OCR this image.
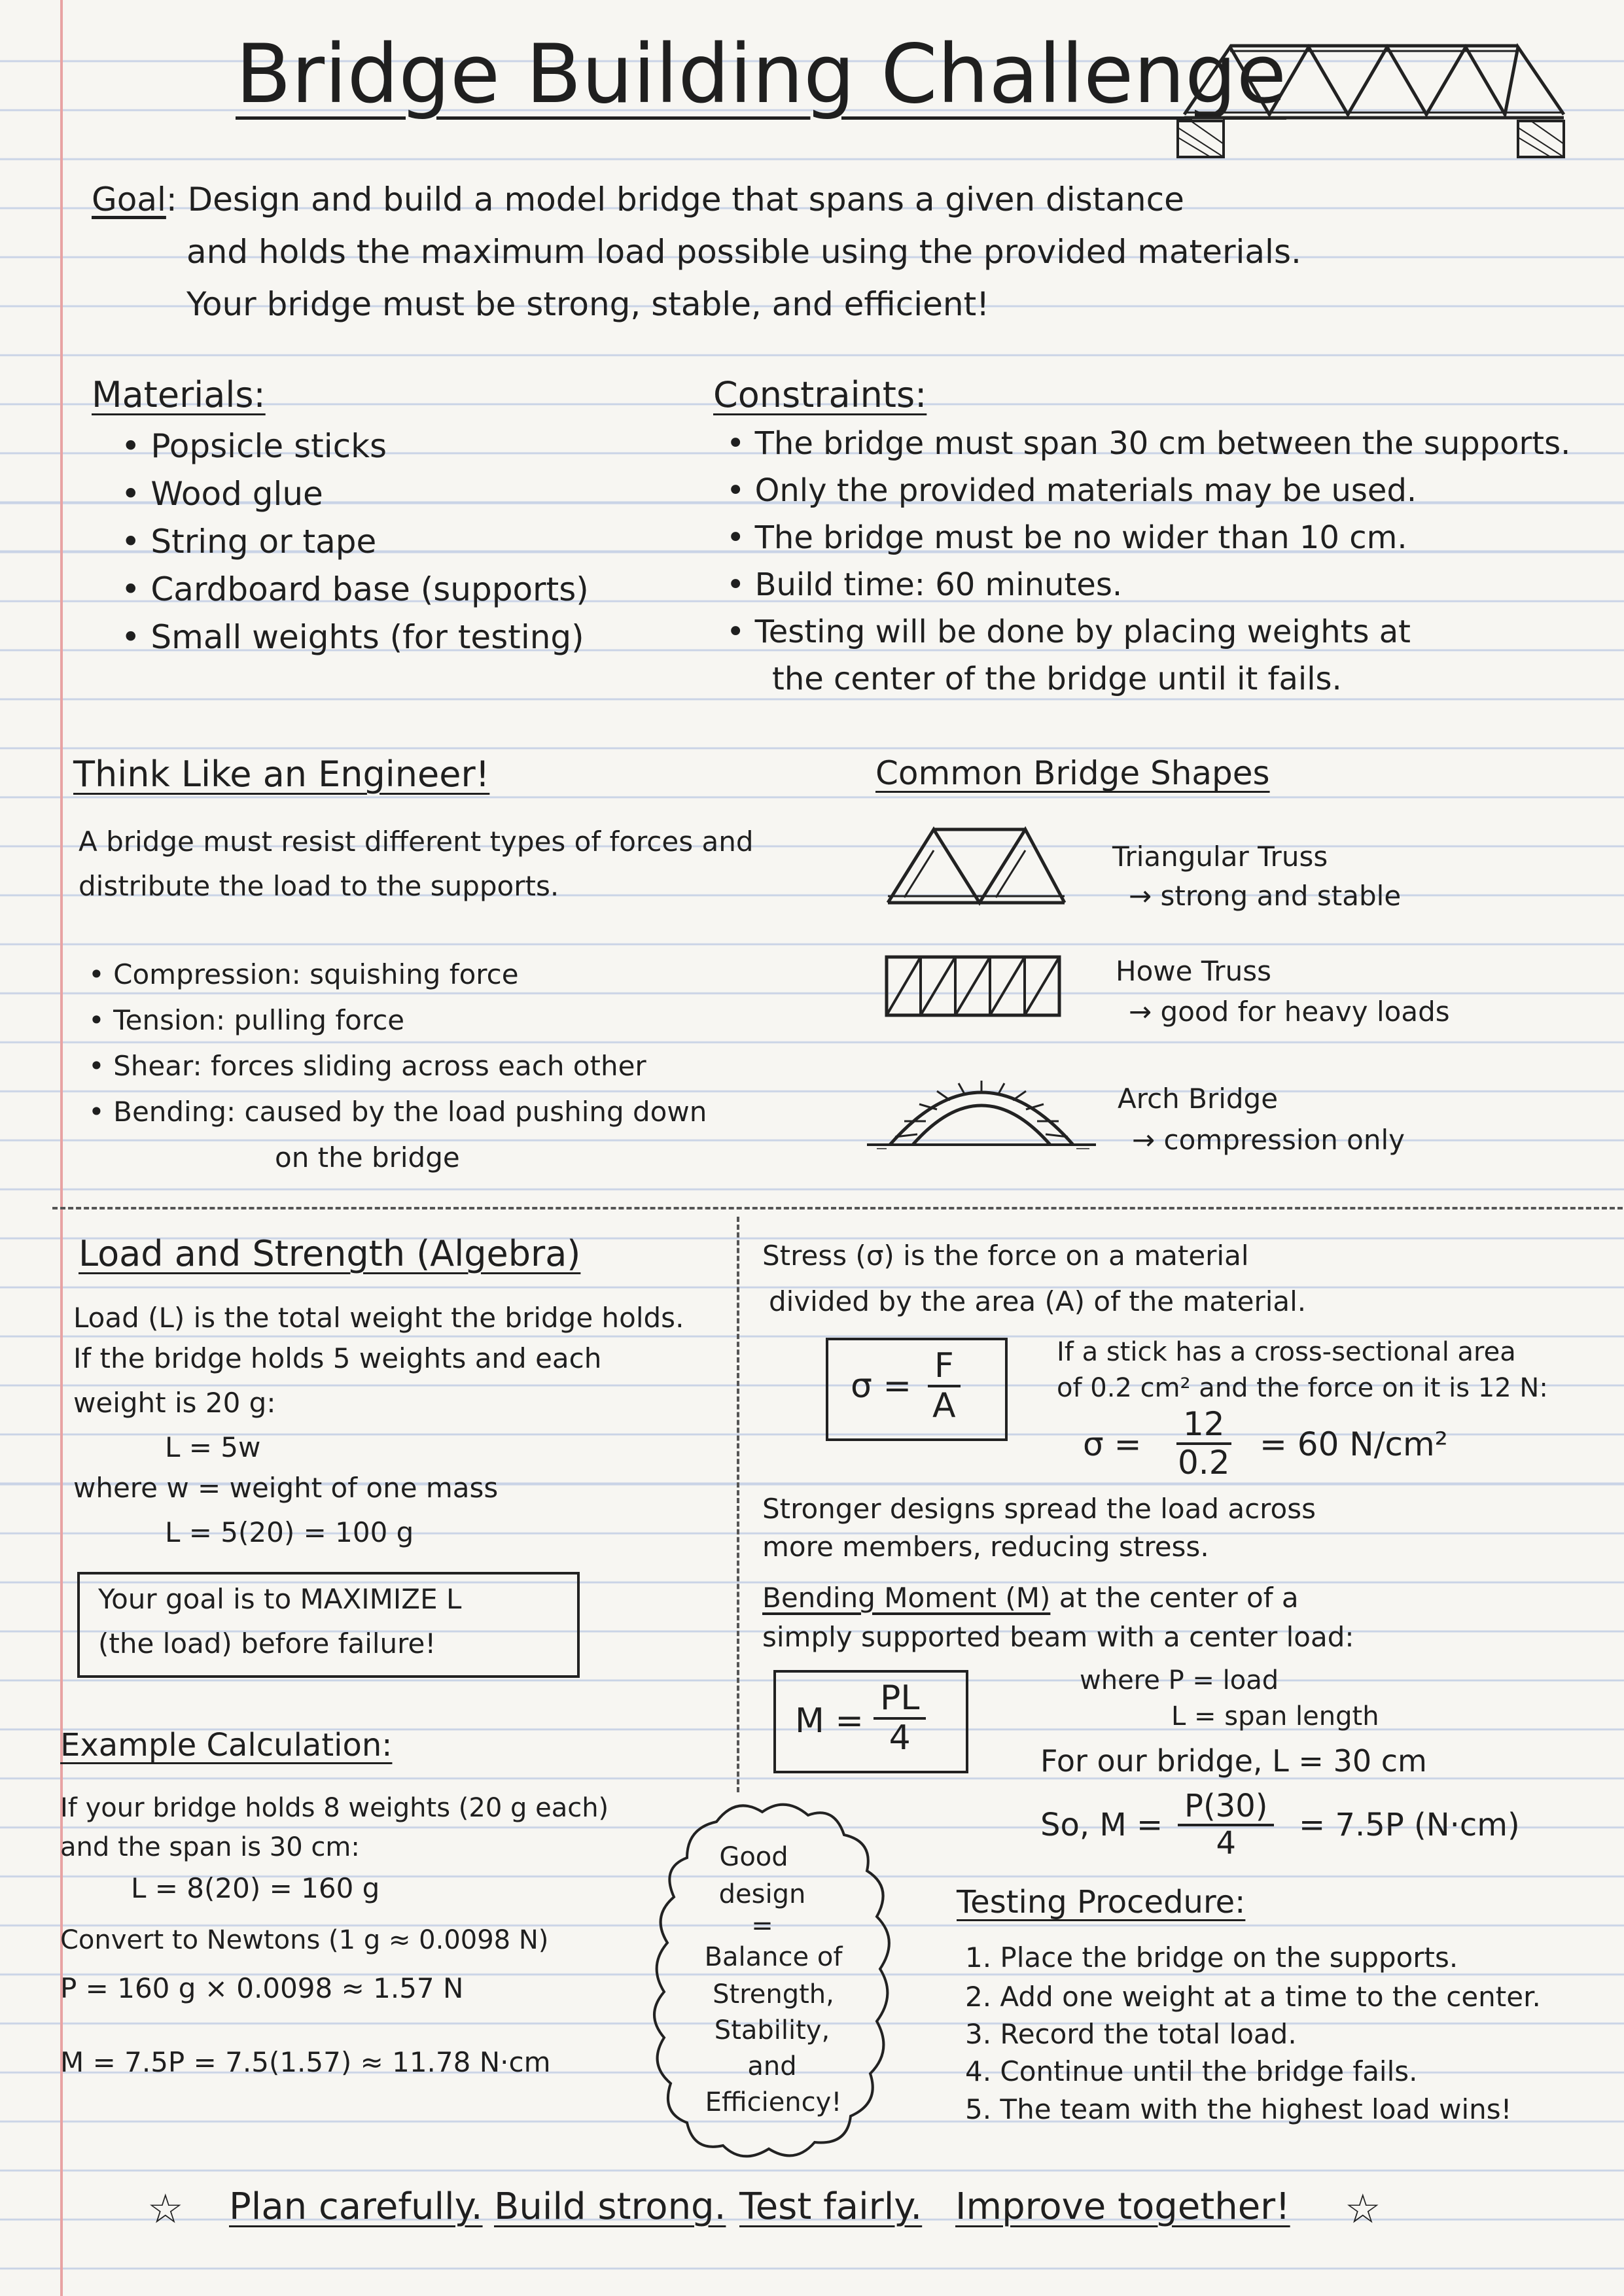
Bridge Building Challenge
Goal: Design and build a model bridge that spans a given distance
and holds the maximum load possible using the provided materials.
Your bridge must be strong, stable, and efficient!
Materials:
• Popsicle sticks
• Wood glue
• String or tape
• Cardboard base (supports)
• Small weights (for testing)
Constraints:
• The bridge must span 30 cm between the supports.
• Only the provided materials may be used.
• The bridge must be no wider than 10 cm.
• Build time: 60 minutes.
• Testing will be done by placing weights at
the center of the bridge until it fails.
Think Like an Engineer!
A bridge must resist different types of forces and
distribute the load to the supports.
• Compression: squishing force
• Tension: pulling force
• Shear: forces sliding across each other
• Bending: caused by the load pushing down
on the bridge
Common Bridge Shapes
Triangular Truss
→ strong and stable
Howe Truss
→ good for heavy loads
Arch Bridge
→ compression only
Load and Strength (Algebra)
Load (L) is the total weight the bridge holds.
If the bridge holds 5 weights and each
weight is 20 g:
L = 5w
where w = weight of one mass
L = 5(20) = 100 g
Your goal is to MAXIMIZE L
(the load) before failure!
Example Calculation:
If your bridge holds 8 weights (20 g each)
and the span is 30 cm:
L = 8(20) = 160 g
Convert to Newtons (1 g ≈ 0.0098 N)
P = 160 g × 0.0098 ≈ 1.57 N
M = 7.5P = 7.5(1.57) ≈ 11.78 N·cm
Stress (σ) is the force on a material
divided by the area (A) of the material.
$\sigma = \frac{F}{A}$	If a stick has a cross-sectional area
of 0.2 cm² and the force on it is 12 N:
$\sigma = \frac{12}{0.2} = 60$ N/cm²
Stronger designs spread the load across
more members, reducing stress.
Bending Moment (M) at the center of a
simply supported beam with a center load:
$M = \frac{PL}{4}$	where P = load
L = span length
For our bridge, L = 30 cm
So, $M = \frac{P(30)}{4} = 7.5P$ (N·cm)
Good
design
=
Balance of
Strength,
Stability,
and
Efficiency!
Testing Procedure:
1. Place the bridge on the supports.
2. Add one weight at a time to the center.
3. Record the total load.
4. Continue until the bridge fails.
5. The team with the highest load wins!
☆ Plan carefully. Build strong. Test fairly. Improve together! ☆
